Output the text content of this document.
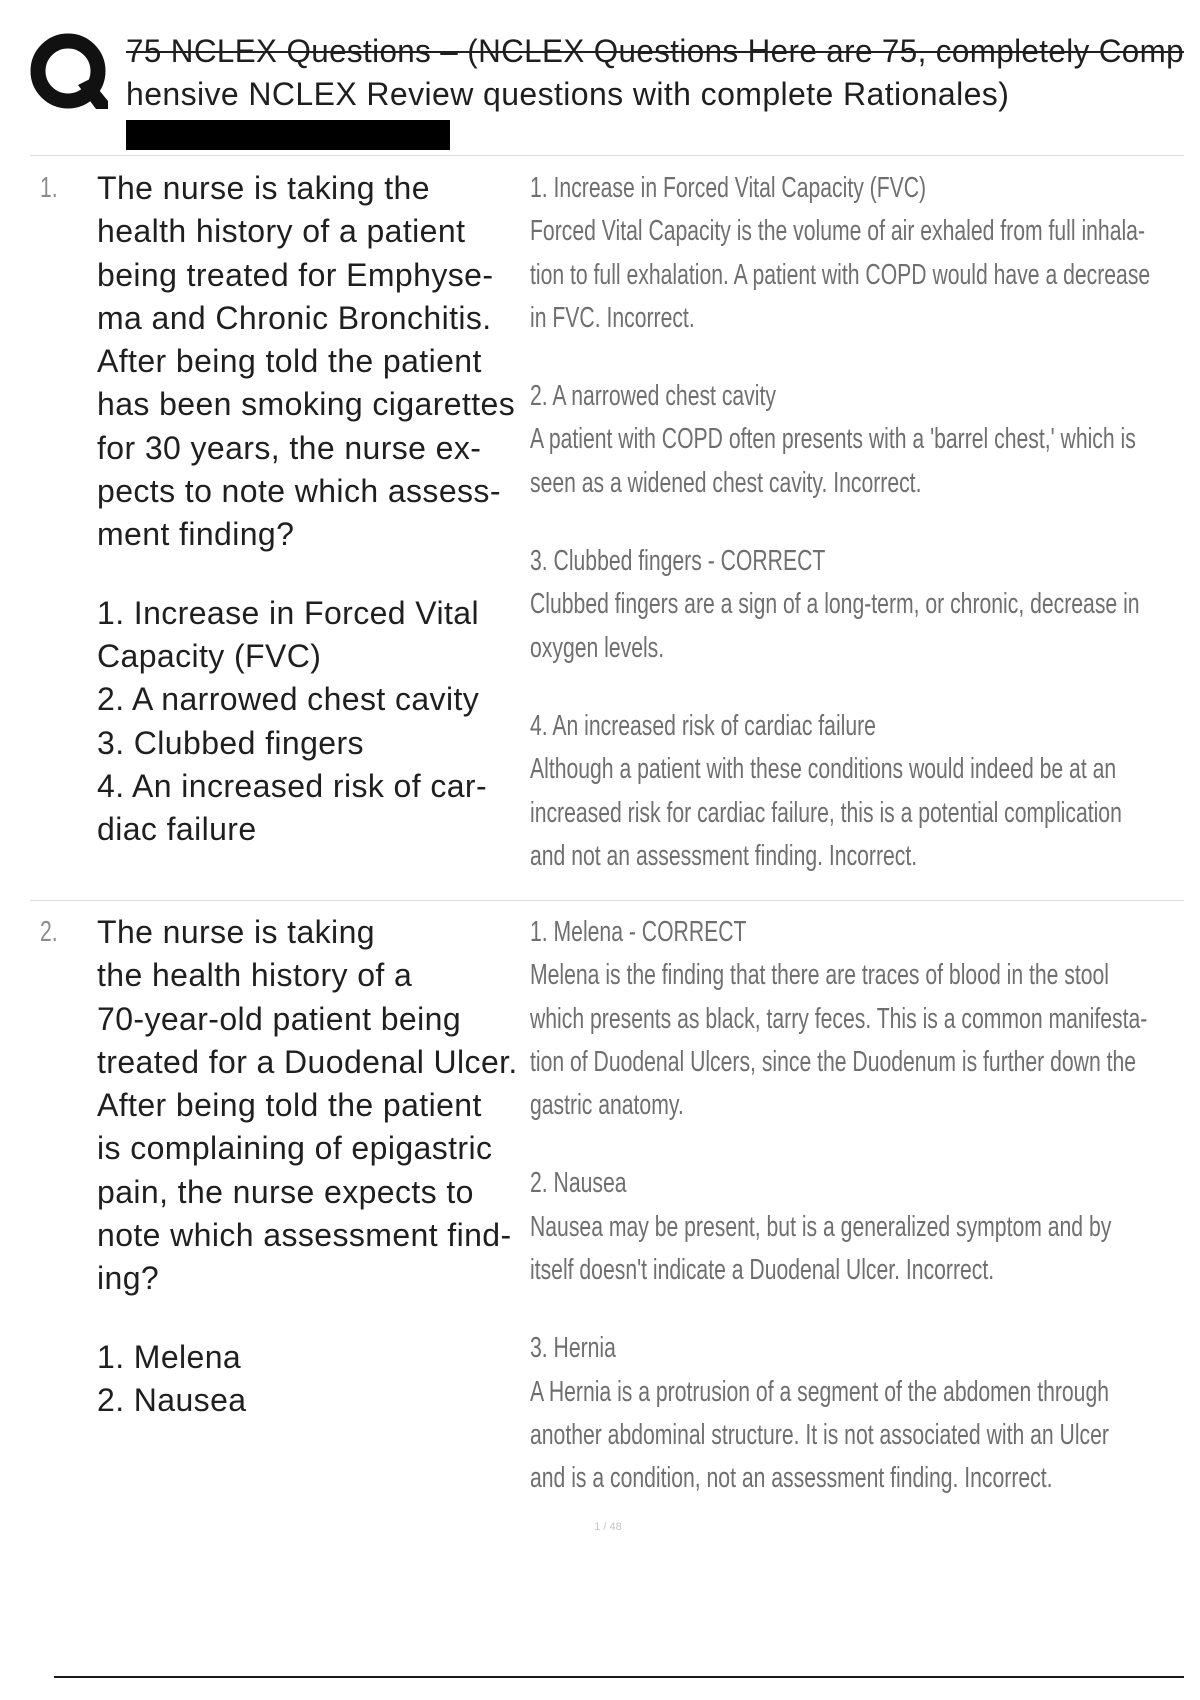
75 NCLEX Questions – (NCLEX Questions Here are 75, completely Comp
hensive NCLEX Review questions with complete Rationales)
1.	The nurse is taking the
health history of a patient
being treated for Emphyse-
ma and Chronic Bronchitis.
After being told the patient
has been smoking cigarettes
for 30 years, the nurse ex-
pects to note which assess-
ment finding?
1. Increase in Forced Vital
Capacity (FVC)
2. A narrowed chest cavity
3. Clubbed fingers
4. An increased risk of car-
diac failure
1. Increase in Forced Vital Capacity (FVC)
Forced Vital Capacity is the volume of air exhaled from full inhala-
tion to full exhalation. A patient with COPD would have a decrease
in FVC. Incorrect.
2. A narrowed chest cavity
A patient with COPD often presents with a 'barrel chest,' which is
seen as a widened chest cavity. Incorrect.
3. Clubbed fingers - CORRECT
Clubbed fingers are a sign of a long-term, or chronic, decrease in
oxygen levels.
4. An increased risk of cardiac failure
Although a patient with these conditions would indeed be at an
increased risk for cardiac failure, this is a potential complication
and not an assessment finding. Incorrect.
2.	The nurse is taking
the health history of a
70-year-old patient being
treated for a Duodenal Ulcer.
After being told the patient
is complaining of epigastric
pain, the nurse expects to
note which assessment find-
ing?
1. Melena
2. Nausea
1. Melena - CORRECT
Melena is the finding that there are traces of blood in the stool
which presents as black, tarry feces. This is a common manifesta-
tion of Duodenal Ulcers, since the Duodenum is further down the
gastric anatomy.
2. Nausea
Nausea may be present, but is a generalized symptom and by
itself doesn't indicate a Duodenal Ulcer. Incorrect.
3. Hernia
A Hernia is a protrusion of a segment of the abdomen through
another abdominal structure. It is not associated with an Ulcer
and is a condition, not an assessment finding. Incorrect.
1 / 48
